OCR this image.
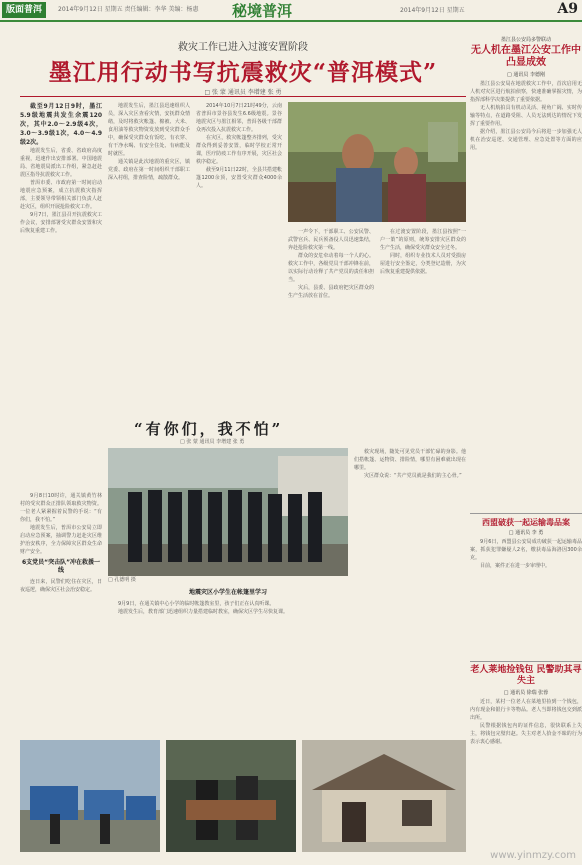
版面普洱	2014年9月12日 星期五 责任编辑：李华 美编：杨惠 秘境普洱	2014年9月12日 星期五	A9
救灾工作已进入过渡安置阶段
墨江用行动书写抗震救灾“普洱模式”
□ 张 蒙 通讯员 李增建 张 勇

截至9月12日9时，墨江5.9级地震共发生余震120次，其中2.0～2.9级4次，3.0～3.9级1次，4.0～4.9级2次。

地震发生后，省委、省政府高度重视，迅速作出安排部署。中国地震局、省地震局派出工作组，紧急赶赴震区指导抗震救灾工作。

普洱市委、市政府第一时间启动地震应急预案，成立抗震救灾指挥部，主要领导带领相关部门负责人赶赴灾区，组织开展抢险救灾工作。

9月7日，墨江县召开抗震救灾工作会议，安排部署受灾群众安置和灾后恢复重建工作。

地震发生后，墨江县迅速组织人员，深入灾区查看灾情，安抚群众情绪，及时将救灾帐篷、棉被、大米、食用油等救灾物资发放到受灾群众手中，确保受灾群众有饭吃、有衣穿、有干净水喝、有安全住处、有病能及时就医。

通关镇是此次地震的重灾区，镇党委、政府在第一时间组织干部职工深入村组，排查险情，疏散群众。

2014年10月7日21时49分，云南省普洱市景谷县发生6.6级地震。景谷地震灾区与墨江相邻，普洱各级干部群众再次投入抗震救灾工作。

在灾区，救灾帐篷整齐排列，受灾群众得到妥善安置，临时学校正常开课，医疗防疫工作有序开展，灾区社会秩序稳定。

截至9月11日22时，全县共搭建帐篷1200余顶，安置受灾群众4000余人。

一声令下，干部职工、公安民警、武警官兵、民兵预备役人员迅速集结，奔赴抢险救灾第一线。

群众的安危牵动着每一个人的心。救灾工作中，各级党员干部冲锋在前，以实际行动诠释了共产党员的责任和担当。

灾后，县委、县政府把灾区群众的生产生活放在首位。

在过渡安置阶段，墨江县按照“一户一策”的原则，统筹安排灾区群众的生产生活，确保受灾群众安全过冬。

同时，组织专业技术人员对受损房屋进行安全鉴定，分类登记造册，为灾后恢复重建提供依据。

“有你们，我不怕”
□ 张 蒙 通讯员 李增建 张 勇
□ 孔德明 摄

9月8日10时许，通关镇黄竹林村的受灾群众正排队领取救灾物资。一位老人紧紧握着民警的手说：“有你们，我不怕。”

地震发生后，普洱市公安局立即启动应急预案，抽调警力赶赴灾区维护治安秩序，全力保障灾区群众生命财产安全。

6支党员“突击队”冲在救援一线

连日来，民警们吃住在灾区，日夜巡逻，确保灾区社会治安稳定。

救灾现场，随处可见党员干部忙碌的身影。他们搭帐篷、运物资、排险情，哪里有困难就出现在哪里。

灾区群众说：“共产党员就是我们的主心骨。”

地震灾区小学生在帐篷里学习

9月9日，在通关镇中心小学的临时帐篷教室里，孩子们正在认真听课。

地震发生后，教育部门迅速组织力量搭建临时教室，确保灾区学生尽快复课。

墨江县公安局多警联动
无人机在墨江公安工作中凸显成效
□ 通讯员 李德刚

墨江县公安局在地震救灾工作中，首次启用无人机对灾区进行航拍侦察，快速准确掌握灾情，为指挥部科学决策提供了重要依据。

无人机航拍具有机动灵活、视角广阔、实时传输等特点，在道路受阻、人员无法到达的情况下发挥了重要作用。

据介绍，墨江县公安局今后将进一步加强无人机在治安巡逻、交通管理、应急处置等方面的应用。

西盟破获一起运输毒品案
□ 通讯员 李 勇

9月6日，西盟县公安局成功破获一起运输毒品案，抓获犯罪嫌疑人2名，缴获毒品海洛因300余克。

目前，案件正在进一步审理中。

老人莱地捡钱包 民警助其寻失主
□ 通讯员 徐瑞 张蓉

近日，某村一位老人在菜地里捡到一个钱包，内有现金和银行卡等物品。老人当即将钱包交到派出所。

民警根据钱包内的证件信息，很快联系上失主，将钱包完璧归赵。失主对老人拾金不昧的行为表示衷心感谢。

www.yinmzy.com
